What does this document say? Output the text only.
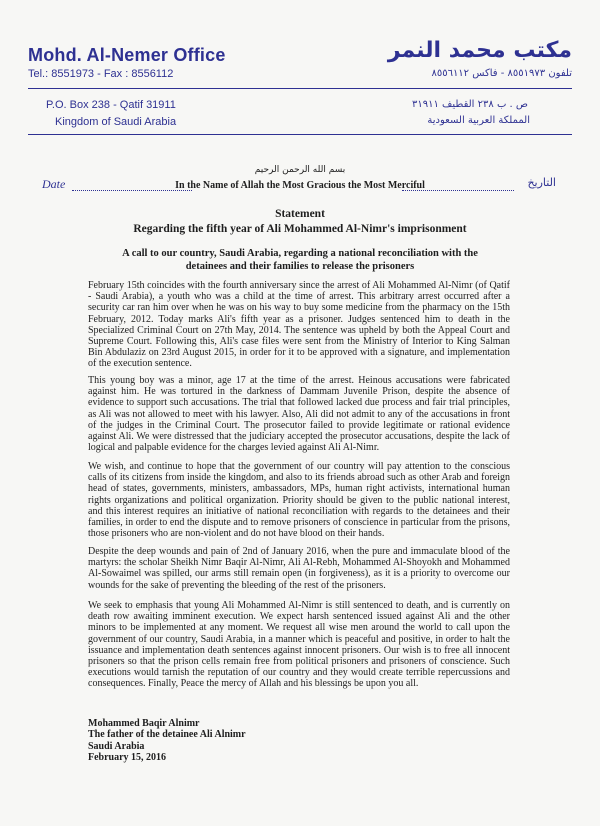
Mohd. Al-Nemer Office
Tel.: 8551973 - Fax : 8556112
P.O. Box 238 - Qatif 31911
Kingdom of Saudi Arabia
مكتب محمد النمر
تلفون ٨٥٥١٩٧٣ - فاكس ٨٥٥٦١١٢
ص . ب ٢٣٨ القطيف ٣١٩١١
المملكة العربية السعودية
Date
بسم الله الرحمن الرحيم
In the Name of Allah the Most Gracious the Most Merciful	التاريخ
Statement
Regarding the fifth year of Ali Mohammed Al-Nimr's imprisonment
A call to our country, Saudi Arabia, regarding a national reconciliation with the detainees and their families to release the prisoners
February 15th coincides with the fourth anniversary since the arrest of Ali Mohammed Al-Nimr (of Qatif - Saudi Arabia), a youth who was a child at the time of arrest. This arbitrary arrest occurred after a security car ran him over when he was on his way to buy some medicine from the pharmacy on the 15th February, 2012. Today marks Ali's fifth year as a prisoner. Judges sentenced him to death in the Specialized Criminal Court on 27th May, 2014. The sentence was upheld by both the Appeal Court and Supreme Court. Following this, Ali's case files were sent from the Ministry of Interior to King Salman Bin Abdulaziz on 23rd August 2015, in order for it to be approved with a signature, and implementation of the execution sentence.
This young boy was a minor, age 17 at the time of the arrest. Heinous accusations were fabricated against him. He was tortured in the darkness of Dammam Juvenile Prison, despite the absence of evidence to support such accusations. The trial that followed lacked due process and fair trial principles, as Ali was not allowed to meet with his lawyer. Also, Ali did not admit to any of the accusations in front of the judges in the Criminal Court. The prosecutor failed to provide legitimate or rational evidence against Ali. We were distressed that the judiciary accepted the prosecutor accusations, despite the lack of logical and palpable evidence for the charges levied against Ali Al-Nimr.
We wish, and continue to hope that the government of our country will pay attention to the conscious calls of its citizens from inside the kingdom, and also to its friends abroad such as other Arab and foreign head of states, governments, ministers, ambassadors, MPs, human right activists, international human rights organizations and political organization. Priority should be given to the public national interest, and this interest requires an initiative of national reconciliation with regards to the detainees and their families, in order to end the dispute and to remove prisoners of conscience in particular from the prisons, those prisoners who are non-violent and do not have blood on their hands.
Despite the deep wounds and pain of 2nd of January 2016, when the pure and immaculate blood of the martyrs: the scholar Sheikh Nimr Baqir Al-Nimr, Ali Al-Rebh, Mohammed Al-Shoyokh and Mohammed Al-Sowaimel was spilled, our arms still remain open (in forgiveness), as it is a priority to overcome our wounds for the sake of preventing the bleeding of the rest of the prisoners.
We seek to emphasis that young Ali Mohammed Al-Nimr is still sentenced to death, and is currently on death row awaiting imminent execution. We expect harsh sentenced issued against Ali and the other minors to be implemented at any moment. We request all wise men around the world to call upon the government of our country, Saudi Arabia, in a manner which is peaceful and positive, in order to halt the issuance and implementation death sentences against innocent prisoners. Our wish is to free all innocent prisoners so that the prison cells remain free from political prisoners and prisoners of conscience. Such executions would tarnish the reputation of our country and they would create terrible repercussions and consequences. Finally, Peace the mercy of Allah and his blessings be upon you all.
Mohammed Baqir Alnimr
The father of the detainee Ali Alnimr
Saudi Arabia
February 15, 2016
